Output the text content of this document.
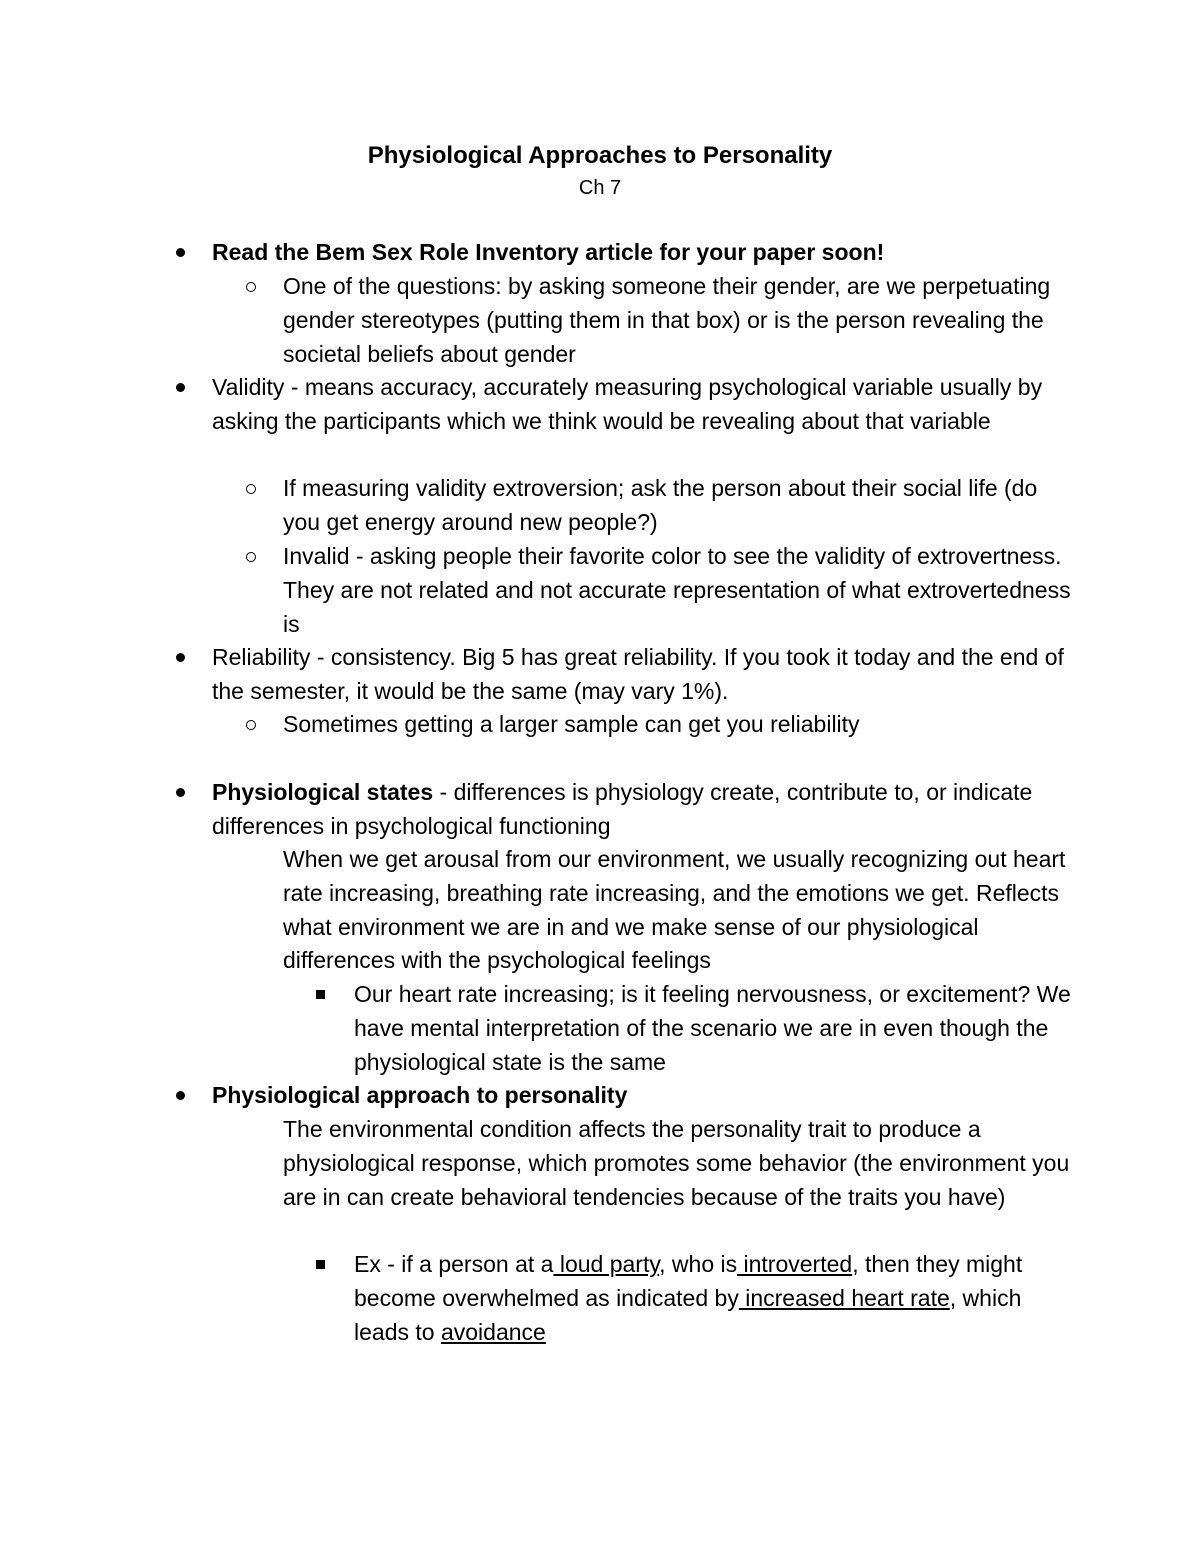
Physiological Approaches to Personality
Ch 7
Read the Bem Sex Role Inventory article for your paper soon!
One of the questions: by asking someone their gender, are we perpetuating gender stereotypes (putting them in that box) or is the person revealing the societal beliefs about gender
Validity - means accuracy, accurately measuring psychological variable usually by asking the participants which we think would be revealing about that variable
If measuring validity extroversion; ask the person about their social life (do you get energy around new people?)
Invalid - asking people their favorite color to see the validity of extrovertness. They are not related and not accurate representation of what extrovertedness is
Reliability - consistency. Big 5 has great reliability. If you took it today and the end of the semester, it would be the same (may vary 1%).
Sometimes getting a larger sample can get you reliability
Physiological states - differences is physiology create, contribute to, or indicate differences in psychological functioning
When we get arousal from our environment, we usually recognizing out heart rate increasing, breathing rate increasing, and the emotions we get. Reflects what environment we are in and we make sense of our physiological differences with the psychological feelings
Our heart rate increasing; is it feeling nervousness, or excitement? We have mental interpretation of the scenario we are in even though the physiological state is the same
Physiological approach to personality
The environmental condition affects the personality trait to produce a physiological response, which promotes some behavior (the environment you are in can create behavioral tendencies because of the traits you have)
Ex - if a person at a loud party, who is introverted, then they might become overwhelmed as indicated by increased heart rate, which leads to avoidance
